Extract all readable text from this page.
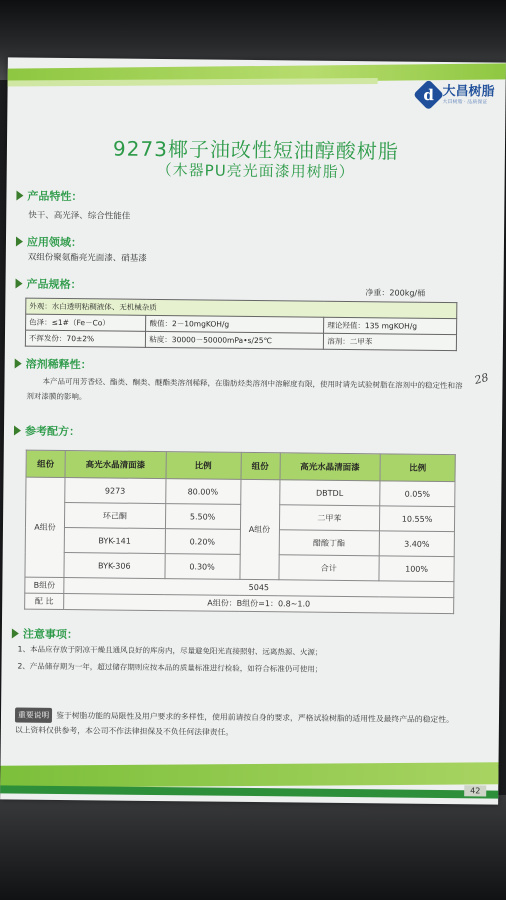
d 大昌树脂
大昌树脂 · 品质保证
9273椰子油改性短油醇酸树脂
（木器PU亮光面漆用树脂）
产品特性：
快干、高光泽、综合性能佳
应用领域：
双组份聚氨酯亮光面漆、硝基漆
产品规格：
净重：200kg/桶
外观：水白透明粘稠液体、无机械杂质		
色泽：≤1#（Fe－Co）	酸值：2－10mgKOH/g	理论羟值：135 mgKOH/g
不挥发份：70±2%	粘度：30000－50000mPa•s/25℃	溶剂：二甲苯
溶剂稀释性：
本产品可用芳香烃、酯类、酮类、醚酯类溶剂稀释，在脂肪烃类溶剂中溶解度有限，使用时请先试验树脂在溶剂中的稳定性和溶剂对漆膜的影响。
参考配方：
组份	高光水晶清面漆	比例	组份	高光水晶清面漆	比例
A组份	9273	80.00%	A组份	DBTDL	0.05%
	环己酮	5.50%		二甲苯	10.55%
	BYK-141	0.20%		醋酸丁酯	3.40%
	BYK-306	0.30%		合计	100%
B组份	5045				
配 比	A组份：B组份=1：0.8~1.0				
注意事项：
1、本品应存放于阴凉干燥且通风良好的库房内，尽量避免阳光直接照射、远离热源、火源；
2、产品储存期为一年，超过储存期则应按本品的质量标准进行检验，如符合标准仍可使用；
重要说明 鉴于树脂功能的局限性及用户要求的多样性，使用前请按自身的要求，严格试验树脂的适用性及最终产品的稳定性。
以上资料仅供参考，本公司不作法律担保及不负任何法律责任。
28
42
